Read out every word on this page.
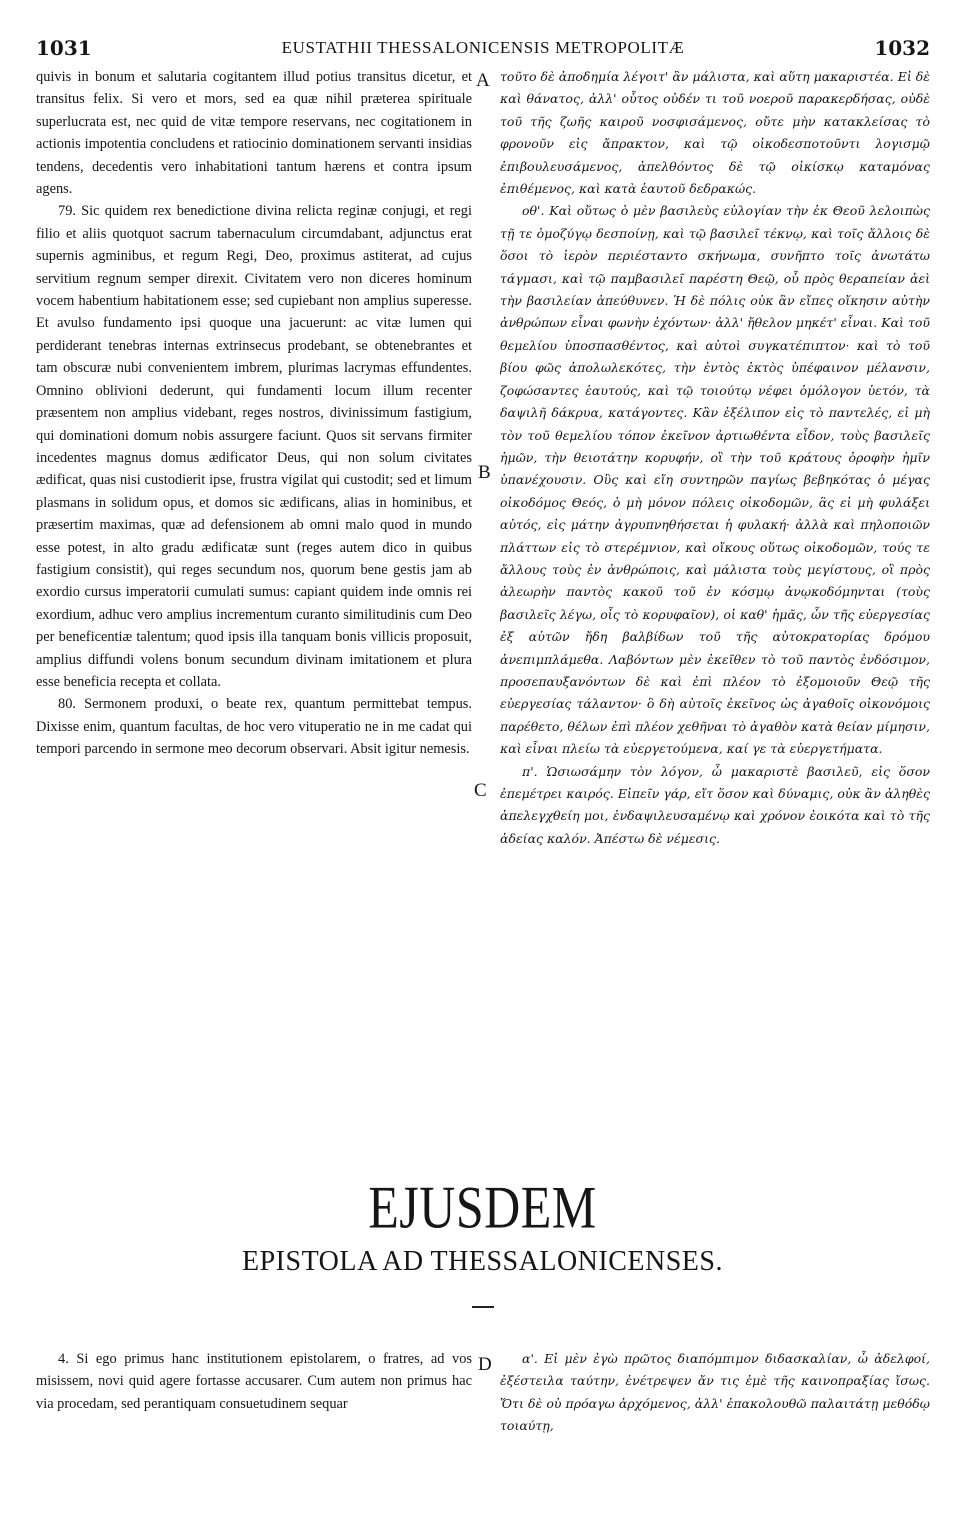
1031	EUSTATHII THESSALONICENSIS METROPOLITÆ	1032

quivis in bonum et salutaria cogitantem illud potius transitus dicetur, et transitus felix. Si vero et mors, sed ea quæ nihil præterea spirituale superlucrata est, nec quid de vitæ tempore reservans, nec cogitationem in actionis impotentia concludens et ratiocinio dominationem servanti insidias tendens, decedentis vero inhabitationi tantum hærens et contra ipsum agens.

79. Sic quidem rex benedictione divina relicta reginæ conjugi, et regi filio et aliis quotquot sacrum tabernaculum circumdabant, adjunctus erat supernis agminibus, et regum Regi, Deo, proximus astiterat, ad cujus servitium regnum semper direxit. Civitatem vero non diceres hominum vocem habentium habitationem esse; sed cupiebant non amplius superesse. Et avulso fundamento ipsi quoque una jacuerunt: ac vitæ lumen qui perdiderant tenebras internas extrinsecus prodebant, se obtenebrantes et tam obscuræ nubi convenientem imbrem, plurimas lacrymas effundentes. Omnino oblivioni dederunt, qui fundamenti locum illum recenter præsentem non amplius videbant, reges nostros, divinissimum fastigium, qui dominationi domum nobis assurgere faciunt. Quos sit servans firmiter incedentes magnus domus ædificator Deus, qui non solum civitates ædificat, quas nisi custodierit ipse, frustra vigilat qui custodit; sed et limum plasmans in solidum opus, et domos sic ædificans, alias in hominibus, et præsertim maximas, quæ ad defensionem ab omni malo quod in mundo esse potest, in alto gradu ædificatæ sunt (reges autem dico in quibus fastigium consistit), qui reges secundum nos, quorum bene gestis jam ab exordio cursus imperatorii cumulati sumus: capiant quidem inde omnis rei exordium, adhuc vero amplius incrementum curanto similitudinis cum Deo per beneficentiæ talentum; quod ipsis illa tanquam bonis villicis proposuit, amplius diffundi volens bonum secundum divinam imitationem et plura esse beneficia recepta et collata.

80. Sermonem produxi, o beate rex, quantum permittebat tempus. Dixisse enim, quantum facultas, de hoc vero vituperatio ne in me cadat qui tempori parcendo in sermone meo decorum observari. Absit igitur nemesis.

τοῦτο δὲ ἀποδημία λέγοιτ' ἂν μάλιστα, καὶ αὕτη μακαριστέα. Εἰ δὲ καὶ θάνατος, ἀλλ' οὗτος οὐδέν τι τοῦ νοεροῦ παρακερδήσας, οὐδὲ τοῦ τῆς ζωῆς καιροῦ νοσφισάμενος, οὔτε μὴν κατακλείσας τὸ φρονοῦν εἰς ἄπρακτον, καὶ τῷ οἰκοδεσποτοῦντι λογισμῷ ἐπιβουλευσάμενος, ἀπελθόντος δὲ τῷ οἰκίσκῳ καταμόνας ἐπιθέμενος, καὶ κατὰ ἑαυτοῦ δεδρακώς.

οθ'. Καὶ οὕτως ὁ μὲν βασιλεὺς εὐλογίαν τὴν ἐκ Θεοῦ λελοιπὼς τῇ τε ὁμοζύγῳ δεσποίνῃ, καὶ τῷ βασιλεῖ τέκνῳ, καὶ τοῖς ἄλλοις δὲ ὅσοι τὸ ἱερὸν περιέσταντο σκήνωμα, συνῆπτο τοῖς ἀνωτάτω τάγμασι, καὶ τῷ παμβασιλεῖ παρέστη Θεῷ, οὗ πρὸς θεραπείαν ἀεὶ τὴν βασιλείαν ἀπεύθυνεν. Ἡ δὲ πόλις οὐκ ἂν εἴπες οἴκησιν αὐτὴν ἀνθρώπων εἶναι φωνὴν ἐχόντων· ἀλλ' ἤθελον μηκέτ' εἶναι. Καὶ τοῦ θεμελίου ὑποσπασθέντος, καὶ αὐτοὶ συγκατέπιπτον· καὶ τὸ τοῦ βίου φῶς ἀπολωλεκότες, τὴν ἐντὸς ἐκτὸς ὑπέφαινον μέλανσιν, ζοφώσαντες ἑαυτούς, καὶ τῷ τοιούτῳ νέφει ὁμόλογον ὑετόν, τὰ δαψιλῆ δάκρυα, κατάγοντες. Κἂν ἐξέλιπον εἰς τὸ παντελές, εἰ μὴ τὸν τοῦ θεμελίου τόπον ἐκεῖνον ἀρτιωθέντα εἶδον, τοὺς βασιλεῖς ἡμῶν, τὴν θειοτάτην κορυφήν, οἳ τὴν τοῦ κράτους ὀροφὴν ἡμῖν ὑπανέχουσιν. Οὓς καὶ εἴη συντηρῶν παγίως βεβηκότας ὁ μέγας οἰκοδόμος Θεός, ὁ μὴ μόνον πόλεις οἰκοδομῶν, ἃς εἰ μὴ φυλάξει αὐτός, εἰς μάτην ἀγρυπνηθήσεται ἡ φυλακή· ἀλλὰ καὶ πηλοποιῶν πλάττων εἰς τὸ στερέμνιον, καὶ οἴκους οὕτως οἰκοδομῶν, τούς τε ἄλλους τοὺς ἐν ἀνθρώποις, καὶ μάλιστα τοὺς μεγίστους, οἳ πρὸς ἀλεωρὴν παντὸς κακοῦ τοῦ ἐν κόσμῳ ἀνῳκοδόμηνται (τοὺς βασιλεῖς λέγω, οἷς τὸ κορυφαῖον), οἱ καθ' ἡμᾶς, ὧν τῆς εὐεργεσίας ἐξ αὐτῶν ἤδη βαλβίδων τοῦ τῆς αὐτοκρατορίας δρόμου ἀνεπιμπλάμεθα. Λαβόντων μὲν ἐκεῖθεν τὸ τοῦ παντὸς ἐνδόσιμον, προσεπαυξανόντων δὲ καὶ ἐπὶ πλέον τὸ ἐξομοιοῦν Θεῷ τῆς εὐεργεσίας τάλαντον· ὃ δὴ αὐτοῖς ἐκεῖνος ὡς ἀγαθοῖς οἰκονόμοις παρέθετο, θέλων ἐπὶ πλέον χεθῆναι τὸ ἀγαθὸν κατὰ θείαν μίμησιν, καὶ εἶναι πλείω τὰ εὐεργετούμενα, καί γε τὰ εὐεργετήματα.

π'. Ὡσιωσάμην τὸν λόγον, ὦ μακαριστὲ βασιλεῦ, εἰς ὅσον ἐπεμέτρει καιρός. Εἰπεῖν γάρ, εἴτ ὅσον καὶ δύναμις, οὐκ ἂν ἀληθὲς ἀπελεγχθείη μοι, ἐνδαψιλευσαμένῳ καὶ χρόνον ἐοικότα καὶ τὸ τῆς ἀδείας καλόν. Ἀπέστω δὲ νέμεσις.

A
B
C
D
EJUSDEM
EPISTOLA AD THESSALONICENSES.

4. Si ego primus hanc institutionem epistolarem, o fratres, ad vos misissem, novi quid agere fortasse accusarer. Cum autem non primus hac via procedam, sed perantiquam consuetudinem sequar

α'. Εἰ μὲν ἐγὼ πρῶτος διαπόμπιμον διδασκαλίαν, ὦ ἀδελφοί, ἐξέστειλα ταύτην, ἐνέτρεψεν ἄν τις ἐμὲ τῆς καινοπραξίας ἴσως. Ὅτι δὲ οὐ πρόαγω ἀρχόμενος, ἀλλ' ἐπακολουθῶ παλαιτάτῃ μεθόδῳ τοιαύτῃ,
